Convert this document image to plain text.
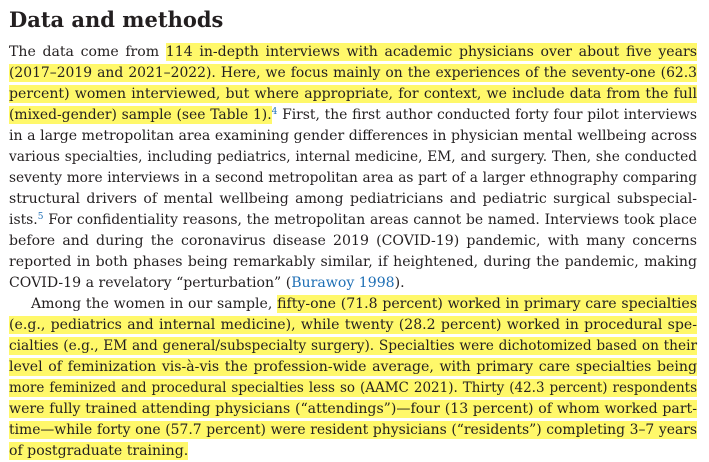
Data and methods
The data come from 114 in-depth interviews with academic physicians over about five years
(2017–2019 and 2021–2022). Here, we focus mainly on the experiences of the seventy-one (62.3
percent) women interviewed, but where appropriate, for context, we include data from the full
(mixed-gender) sample (see Table 1).$^4$ First, the first author conducted forty four pilot interviews
in a large metropolitan area examining gender differences in physician mental wellbeing across
various specialties, including pediatrics, internal medicine, EM, and surgery. Then, she conducted
seventy more interviews in a second metropolitan area as part of a larger ethnography comparing
structural drivers of mental wellbeing among pediatricians and pediatric surgical subspecial-
ists.$^5$ For confidentiality reasons, the metropolitan areas cannot be named. Interviews took place
before and during the coronavirus disease 2019 (COVID-19) pandemic, with many concerns
reported in both phases being remarkably similar, if heightened, during the pandemic, making
COVID-19 a revelatory “perturbation” (Burawoy 1998).
Among the women in our sample, fifty-one (71.8 percent) worked in primary care specialties
(e.g., pediatrics and internal medicine), while twenty (28.2 percent) worked in procedural spe-
cialties (e.g., EM and general/subspecialty surgery). Specialties were dichotomized based on their
level of feminization vis-à-vis the profession-wide average, with primary care specialties being
more feminized and procedural specialties less so (AAMC 2021). Thirty (42.3 percent) respondents
were fully trained attending physicians (“attendings”)—four (13 percent) of whom worked part-
time—while forty one (57.7 percent) were resident physicians (“residents”) completing 3–7 years
of postgraduate training.
